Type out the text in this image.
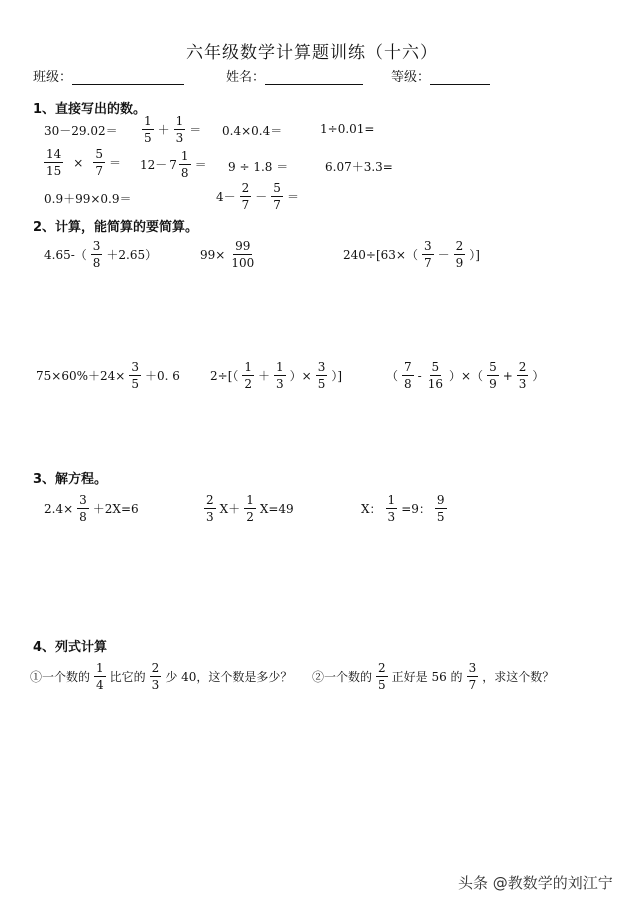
六年级数学计算题训练（十六）
班级：	姓名：	等级：
1、直接写出的数。
$30-29.02= \frac{1}{5} + \frac{1}{3} = 0.4\times 0.4=$	1÷0.01=
$\frac{14}{15} \times \frac{5}{7} = 12- 7 \frac{1}{8} = 9 \div 1.8$ ＝	6.07＋3.3=
0.9＋99×0.9＝	$4- \frac{2}{7} - \frac{5}{7}$ ＝
2、计算，能简算的要简算。
$4.65-( \frac{3}{8} +2.65)$	$99\times \frac{99}{100}$	$240\div[63\times( \frac{3}{7} - \frac{2}{9}$ ）]
$75\times 60\%+24\times \frac{3}{5} +0$. 6	$2\div[( \frac{1}{2} + \frac{1}{3}$ ）× $\frac{3}{5}$ ）]	（ $\frac{7}{8} - \frac{5}{16}$ ）×（ $\frac{5}{9} + \frac{2}{3}$ ）
3、解方程。
$2.4\times \frac{3}{8} +2X=6$	$\frac{2}{3} X+ \frac{1}{2} X=49$	X： $\frac{1}{3} =9$： $\frac{9}{5}$
4、列式计算
①一个数的 $\frac{1}{4}$ 比它的 $\frac{2}{3}$ 少 40，这个数是多少？ ②一个数的 $\frac{2}{5}$ 正好是 56 的 $\frac{3}{7}$ ，求这个数？
头条 @教数学的刘江宁
